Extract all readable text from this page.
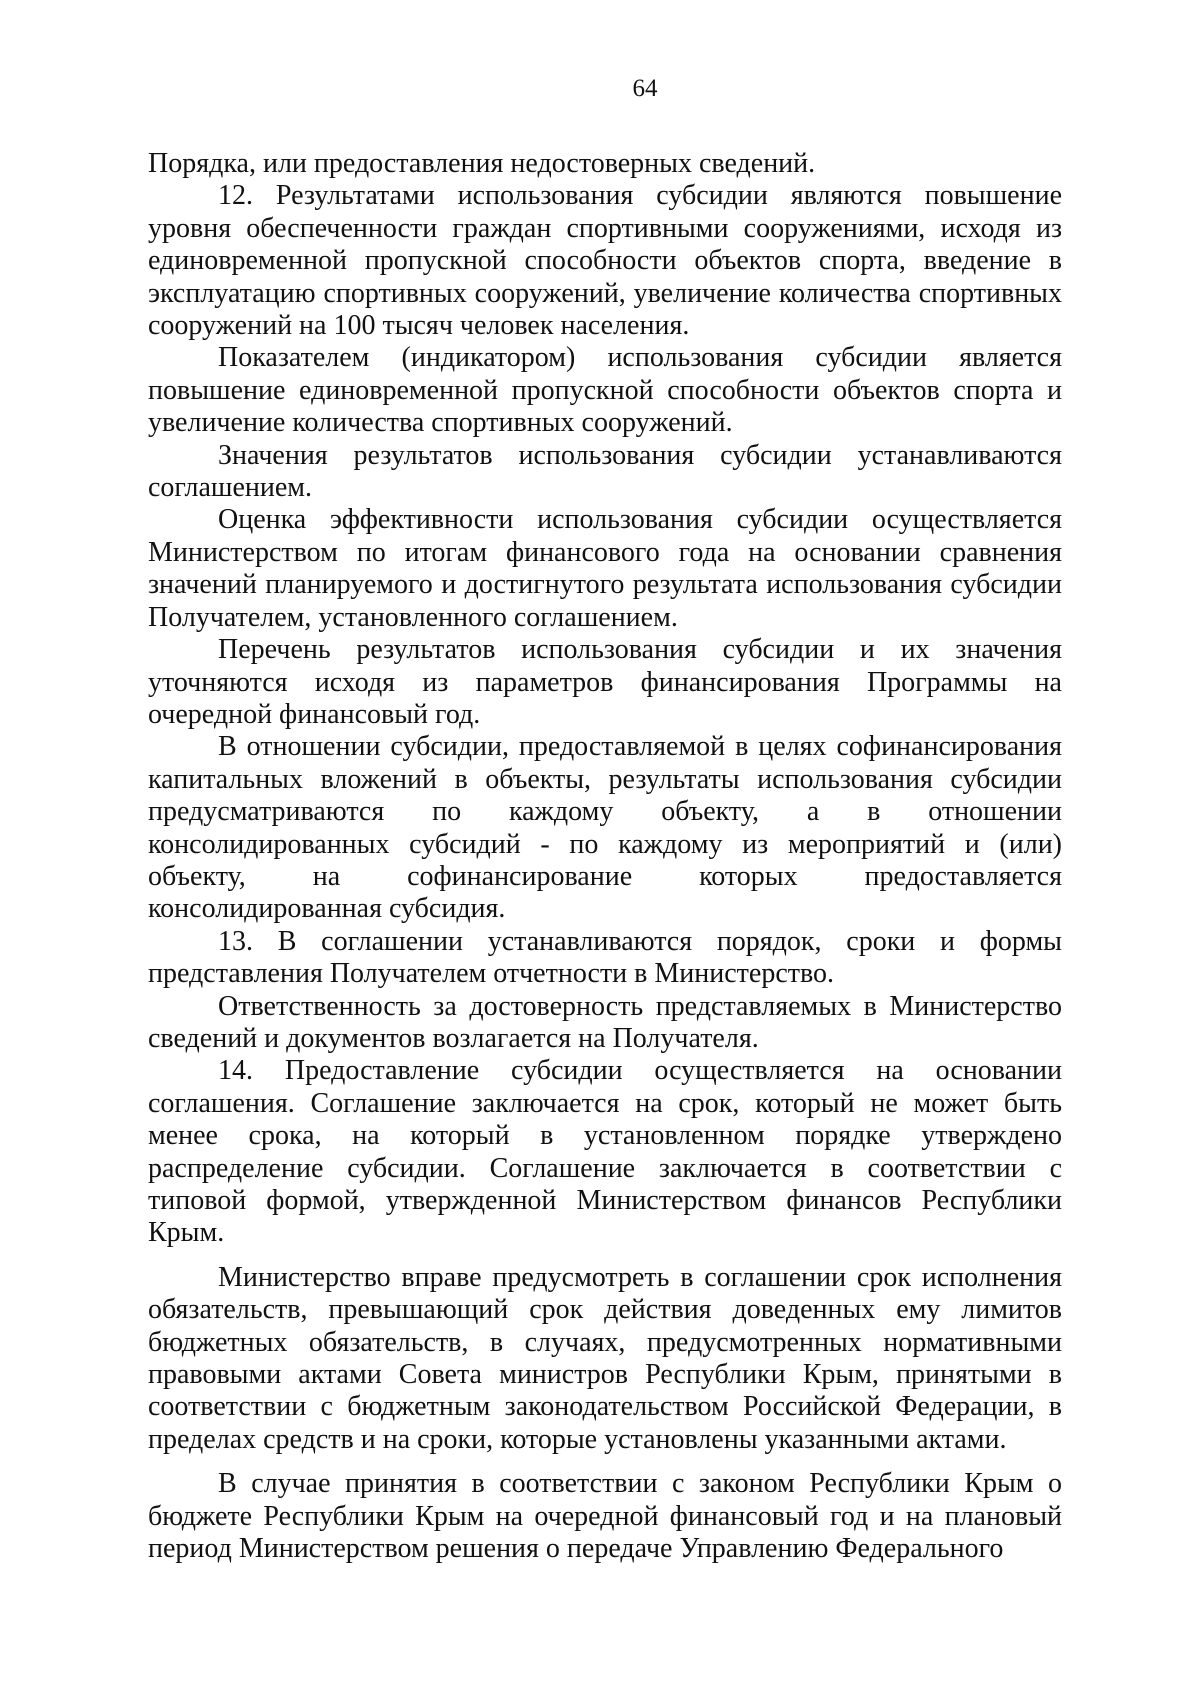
64

Порядка, или предоставления недостоверных сведений.

12. Результатами использования субсидии являются повышение уровня обеспеченности граждан спортивными сооружениями, исходя из единовременной пропускной способности объектов спорта, введение в эксплуатацию спортивных сооружений, увеличение количества спортивных сооружений на 100 тысяч человек населения.

Показателем (индикатором) использования субсидии является повышение единовременной пропускной способности объектов спорта и увеличение количества спортивных сооружений.

Значения результатов использования субсидии устанавливаются соглашением.

Оценка эффективности использования субсидии осуществляется Министерством по итогам финансового года на основании сравнения значений планируемого и достигнутого результата использования субсидии Получателем, установленного соглашением.

Перечень результатов использования субсидии и их значения уточняются исходя из параметров финансирования Программы на очередной финансовый год.

В отношении субсидии, предоставляемой в целях софинансирования капитальных вложений в объекты, результаты использования субсидии предусматриваются по каждому объекту, а в отношении консолидированных субсидий - по каждому из мероприятий и (или) объекту, на софинансирование которых предоставляется консолидированная субсидия.

13. В соглашении устанавливаются порядок, сроки и формы представления Получателем отчетности в Министерство.

Ответственность за достоверность представляемых в Министерство сведений и документов возлагается на Получателя.

14. Предоставление субсидии осуществляется на основании соглашения. Соглашение заключается на срок, который не может быть менее срока, на который в установленном порядке утверждено распределение субсидии. Соглашение заключается в соответствии с типовой формой, утвержденной Министерством финансов Республики Крым.

Министерство вправе предусмотреть в соглашении срок исполнения обязательств, превышающий срок действия доведенных ему лимитов бюджетных обязательств, в случаях, предусмотренных нормативными правовыми актами Совета министров Республики Крым, принятыми в соответствии с бюджетным законодательством Российской Федерации, в пределах средств и на сроки, которые установлены указанными актами.

В случае принятия в соответствии с законом Республики Крым о бюджете Республики Крым на очередной финансовый год и на плановый период Министерством решения о передаче Управлению Федерального
